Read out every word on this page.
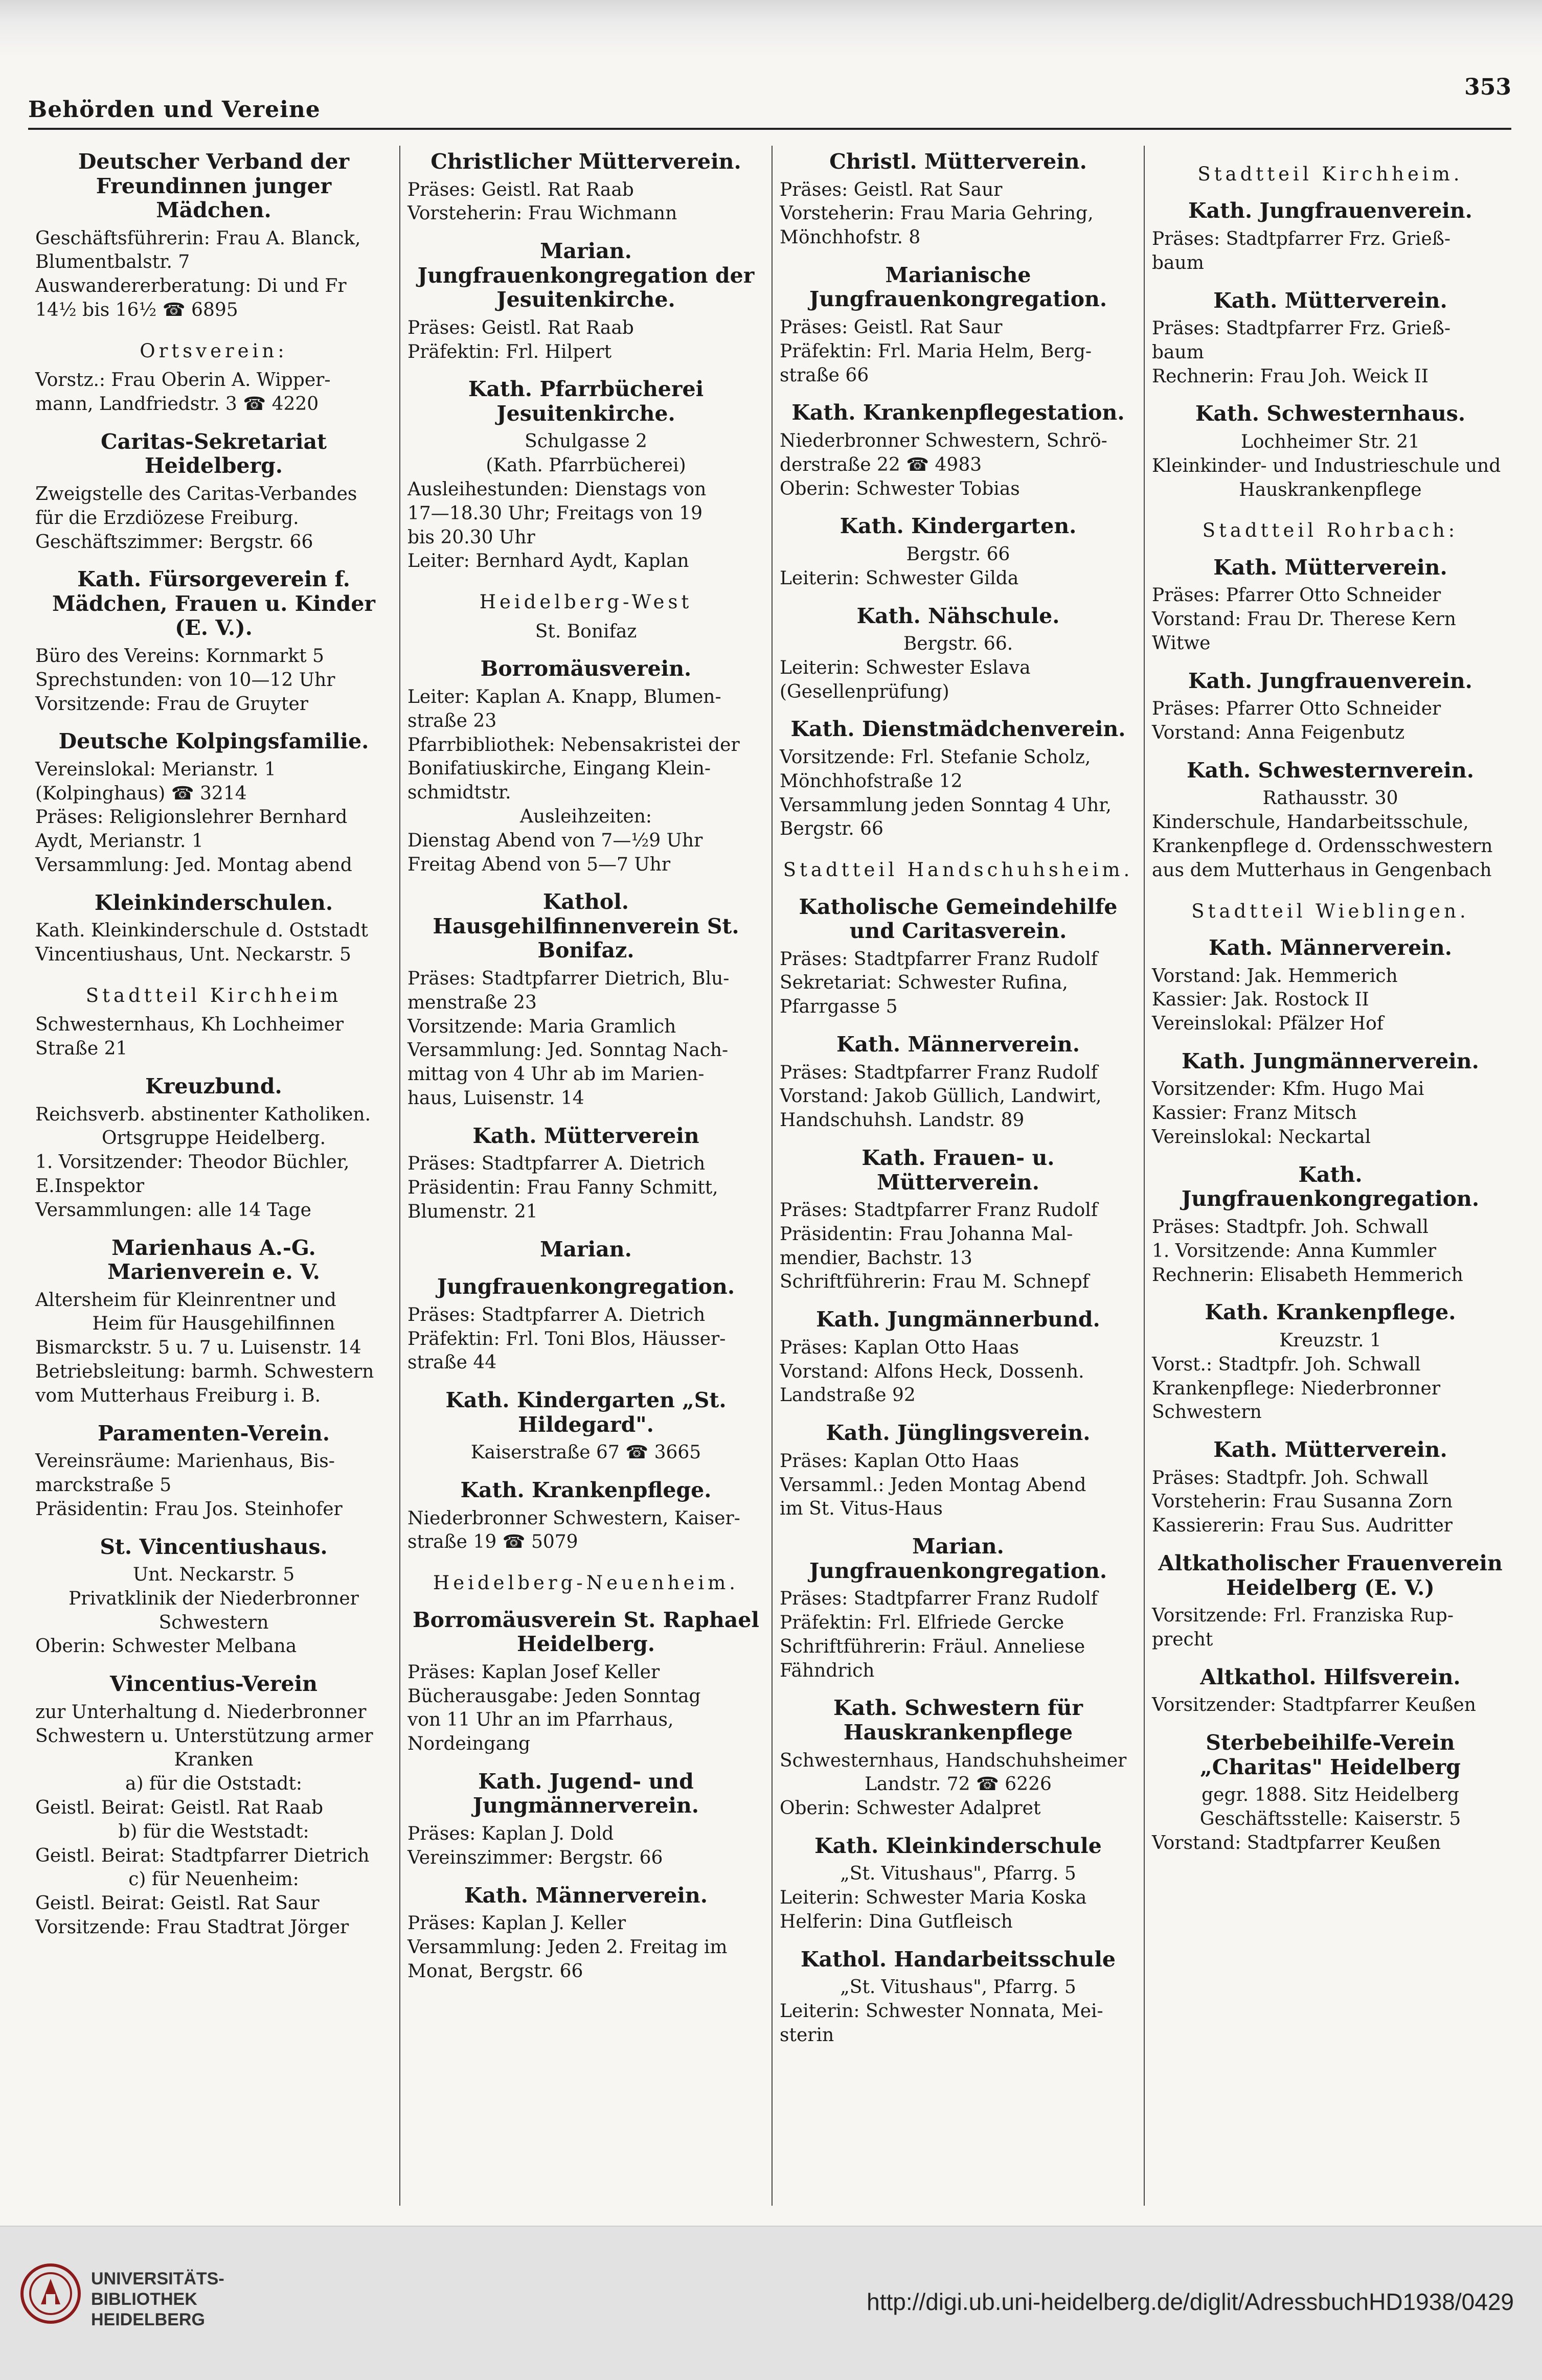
Behörden und Vereine
353
Deutscher Verband der Freundinnen junger Mädchen.
Geschäftsführerin: Frau A. Blanck,
Blumentbalstr. 7
Auswandererberatung: Di und Fr
14½ bis 16½ ☎ 6895
Ortsverein:
Vorstz.: Frau Oberin A. Wipper-
mann, Landfriedstr. 3 ☎ 4220
Caritas-Sekretariat Heidelberg.
Zweigstelle des Caritas-Verbandes
für die Erzdiözese Freiburg.
Geschäftszimmer: Bergstr. 66
Kath. Fürsorgeverein f. Mädchen, Frauen u. Kinder (E. V.).
Büro des Vereins: Kornmarkt 5
Sprechstunden: von 10—12 Uhr
Vorsitzende: Frau de Gruyter
Deutsche Kolpingsfamilie.
Vereinslokal: Merianstr. 1
(Kolpinghaus) ☎ 3214
Präses: Religionslehrer Bernhard
Aydt, Merianstr. 1
Versammlung: Jed. Montag abend
Kleinkinderschulen.
Kath. Kleinkinderschule d. Oststadt
Vincentiushaus, Unt. Neckarstr. 5
Stadtteil Kirchheim
Schwesternhaus, Kh Lochheimer
Straße 21
Kreuzbund.
Reichsverb. abstinenter Katholiken.
Ortsgruppe Heidelberg.
1. Vorsitzender: Theodor Büchler,
E.Inspektor
Versammlungen: alle 14 Tage
Marienhaus A.-G. Marienverein e. V.
Altersheim für Kleinrentner und
Heim für Hausgehilfinnen
Bismarckstr. 5 u. 7 u. Luisenstr. 14
Betriebsleitung: barmh. Schwestern
vom Mutterhaus Freiburg i. B.
Paramenten-Verein.
Vereinsräume: Marienhaus, Bis-
marckstraße 5
Präsidentin: Frau Jos. Steinhofer
St. Vincentiushaus.
Unt. Neckarstr. 5
Privatklinik der Niederbronner
Schwestern
Oberin: Schwester Melbana
Vincentius-Verein
zur Unterhaltung d. Niederbronner
Schwestern u. Unterstützung armer
Kranken
a) für die Oststadt:
Geistl. Beirat: Geistl. Rat Raab
b) für die Weststadt:
Geistl. Beirat: Stadtpfarrer Dietrich
c) für Neuenheim:
Geistl. Beirat: Geistl. Rat Saur
Vorsitzende: Frau Stadtrat Jörger
Christlicher Mütterverein.
Präses: Geistl. Rat Raab
Vorsteherin: Frau Wichmann
Marian. Jungfrauenkongregation der Jesuitenkirche.
Präses: Geistl. Rat Raab
Präfektin: Frl. Hilpert
Kath. Pfarrbücherei Jesuitenkirche.
Schulgasse 2
(Kath. Pfarrbücherei)
Ausleihestunden: Dienstags von
17—18.30 Uhr; Freitags von 19
bis 20.30 Uhr
Leiter: Bernhard Aydt, Kaplan
Heidelberg-West
St. Bonifaz
Borromäusverein.
Leiter: Kaplan A. Knapp, Blumen-
straße 23
Pfarrbibliothek: Nebensakristei der
Bonifatiuskirche, Eingang Klein-
schmidtstr.
Ausleihzeiten:
Dienstag Abend von 7—½9 Uhr
Freitag Abend von 5—7 Uhr
Kathol. Hausgehilfinnenverein St. Bonifaz.
Präses: Stadtpfarrer Dietrich, Blu-
menstraße 23
Vorsitzende: Maria Gramlich
Versammlung: Jed. Sonntag Nach-
mittag von 4 Uhr ab im Marien-
haus, Luisenstr. 14
Kath. Mütterverein
Präses: Stadtpfarrer A. Dietrich
Präsidentin: Frau Fanny Schmitt,
Blumenstr. 21
Marian.
Jungfrauenkongregation.
Präses: Stadtpfarrer A. Dietrich
Präfektin: Frl. Toni Blos, Häusser-
straße 44
Kath. Kindergarten „St. Hildegard".
Kaiserstraße 67 ☎ 3665
Kath. Krankenpflege.
Niederbronner Schwestern, Kaiser-
straße 19 ☎ 5079
Heidelberg-Neuenheim.
Borromäusverein St. Raphael Heidelberg.
Präses: Kaplan Josef Keller
Bücherausgabe: Jeden Sonntag
von 11 Uhr an im Pfarrhaus,
Nordeingang
Kath. Jugend- und Jungmännerverein.
Präses: Kaplan J. Dold
Vereinszimmer: Bergstr. 66
Kath. Männerverein.
Präses: Kaplan J. Keller
Versammlung: Jeden 2. Freitag im
Monat, Bergstr. 66
Christl. Mütterverein.
Präses: Geistl. Rat Saur
Vorsteherin: Frau Maria Gehring,
Mönchhofstr. 8
Marianische Jungfrauenkongregation.
Präses: Geistl. Rat Saur
Präfektin: Frl. Maria Helm, Berg-
straße 66
Kath. Krankenpflegestation.
Niederbronner Schwestern, Schrö-
derstraße 22 ☎ 4983
Oberin: Schwester Tobias
Kath. Kindergarten.
Bergstr. 66
Leiterin: Schwester Gilda
Kath. Nähschule.
Bergstr. 66.
Leiterin: Schwester Eslava
(Gesellenprüfung)
Kath. Dienstmädchenverein.
Vorsitzende: Frl. Stefanie Scholz,
Mönchhofstraße 12
Versammlung jeden Sonntag 4 Uhr,
Bergstr. 66
Stadtteil Handschuhsheim.
Katholische Gemeindehilfe und Caritasverein.
Präses: Stadtpfarrer Franz Rudolf
Sekretariat: Schwester Rufina,
Pfarrgasse 5
Kath. Männerverein.
Präses: Stadtpfarrer Franz Rudolf
Vorstand: Jakob Güllich, Landwirt,
Handschuhsh. Landstr. 89
Kath. Frauen- u. Mütterverein.
Präses: Stadtpfarrer Franz Rudolf
Präsidentin: Frau Johanna Mal-
mendier, Bachstr. 13
Schriftführerin: Frau M. Schnepf
Kath. Jungmännerbund.
Präses: Kaplan Otto Haas
Vorstand: Alfons Heck, Dossenh.
Landstraße 92
Kath. Jünglingsverein.
Präses: Kaplan Otto Haas
Versamml.: Jeden Montag Abend
im St. Vitus-Haus
Marian. Jungfrauenkongregation.
Präses: Stadtpfarrer Franz Rudolf
Präfektin: Frl. Elfriede Gercke
Schriftführerin: Fräul. Anneliese
Fähndrich
Kath. Schwestern für Hauskrankenpflege
Schwesternhaus, Handschuhsheimer
Landstr. 72 ☎ 6226
Oberin: Schwester Adalpret
Kath. Kleinkinderschule
„St. Vitushaus", Pfarrg. 5
Leiterin: Schwester Maria Koska
Helferin: Dina Gutfleisch
Kathol. Handarbeitsschule
„St. Vitushaus", Pfarrg. 5
Leiterin: Schwester Nonnata, Mei-
sterin
Stadtteil Kirchheim.
Kath. Jungfrauenverein.
Präses: Stadtpfarrer Frz. Grieß-
baum
Kath. Mütterverein.
Präses: Stadtpfarrer Frz. Grieß-
baum
Rechnerin: Frau Joh. Weick II
Kath. Schwesternhaus.
Lochheimer Str. 21
Kleinkinder- und Industrieschule und
Hauskrankenpflege
Stadtteil Rohrbach:
Kath. Mütterverein.
Präses: Pfarrer Otto Schneider
Vorstand: Frau Dr. Therese Kern
Witwe
Kath. Jungfrauenverein.
Präses: Pfarrer Otto Schneider
Vorstand: Anna Feigenbutz
Kath. Schwesternverein.
Rathausstr. 30
Kinderschule, Handarbeitsschule,
Krankenpflege d. Ordensschwestern
aus dem Mutterhaus in Gengenbach
Stadtteil Wieblingen.
Kath. Männerverein.
Vorstand: Jak. Hemmerich
Kassier: Jak. Rostock II
Vereinslokal: Pfälzer Hof
Kath. Jungmännerverein.
Vorsitzender: Kfm. Hugo Mai
Kassier: Franz Mitsch
Vereinslokal: Neckartal
Kath. Jungfrauenkongregation.
Präses: Stadtpfr. Joh. Schwall
1. Vorsitzende: Anna Kummler
Rechnerin: Elisabeth Hemmerich
Kath. Krankenpflege.
Kreuzstr. 1
Vorst.: Stadtpfr. Joh. Schwall
Krankenpflege: Niederbronner
Schwestern
Kath. Mütterverein.
Präses: Stadtpfr. Joh. Schwall
Vorsteherin: Frau Susanna Zorn
Kassiererin: Frau Sus. Audritter
Altkatholischer Frauenverein Heidelberg (E. V.)
Vorsitzende: Frl. Franziska Rup-
precht
Altkathol. Hilfsverein.
Vorsitzender: Stadtpfarrer Keußen
Sterbebeihilfe-Verein „Charitas" Heidelberg
gegr. 1888. Sitz Heidelberg
Geschäftsstelle: Kaiserstr. 5
Vorstand: Stadtpfarrer Keußen
UNIVERSITÄTS-
BIBLIOTHEK
HEIDELBERG
http://digi.ub.uni-heidelberg.de/diglit/AdressbuchHD1938/0429
